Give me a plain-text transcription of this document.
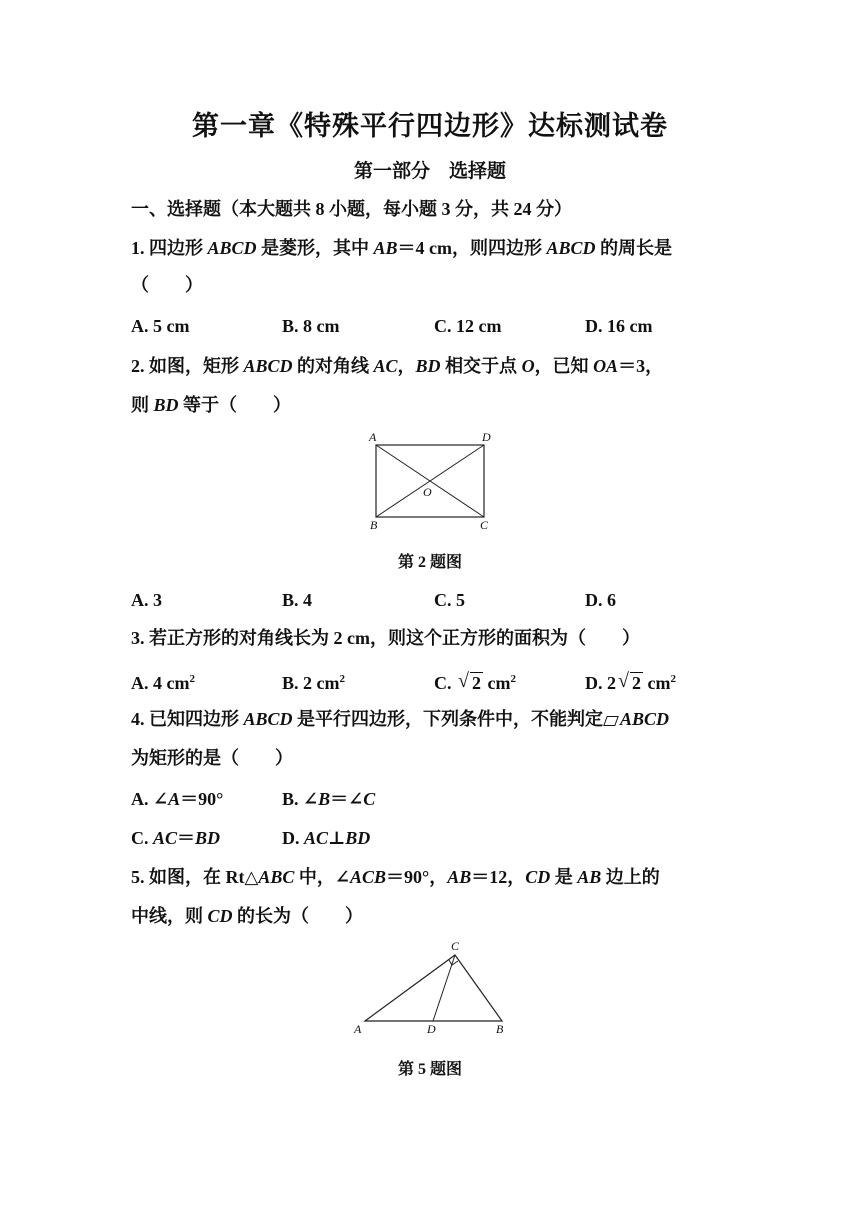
第一章《特殊平行四边形》达标测试卷
第一部分　选择题
一、选择题（本大题共 8 小题，每小题 3 分，共 24 分）
1. 四边形 ABCD 是菱形，其中 AB＝4 cm，则四边形 ABCD 的周长是
（　　）
A. 5 cm	B. 8 cm	C. 12 cm	D. 16 cm
2. 如图，矩形 ABCD 的对角线 AC，BD 相交于点 O，已知 OA＝3，
则 BD 等于（　　）
A	D
O
B	C
第 2 题图
A. 3	B. 4	C. 5	D. 6
3. 若正方形的对角线长为 2 cm，则这个正方形的面积为（　　）
A. 4 $cm^2$	B. 2 $cm^2$	C. √ 2 $cm^2$	D. 2 √ 2 $cm^2$
4. 已知四边形 ABCD 是平行四边形，下列条件中，不能判定 ABCD
为矩形的是（　　）
A. ∠A＝90°	B. ∠B＝∠C
C. AC＝BD	D. AC⊥BD
5. 如图，在 Rt△ABC 中，∠ACB＝90°，AB＝12，CD 是 AB 边上的
中线，则 CD 的长为（　　）
C
A	D	B
第 5 题图
